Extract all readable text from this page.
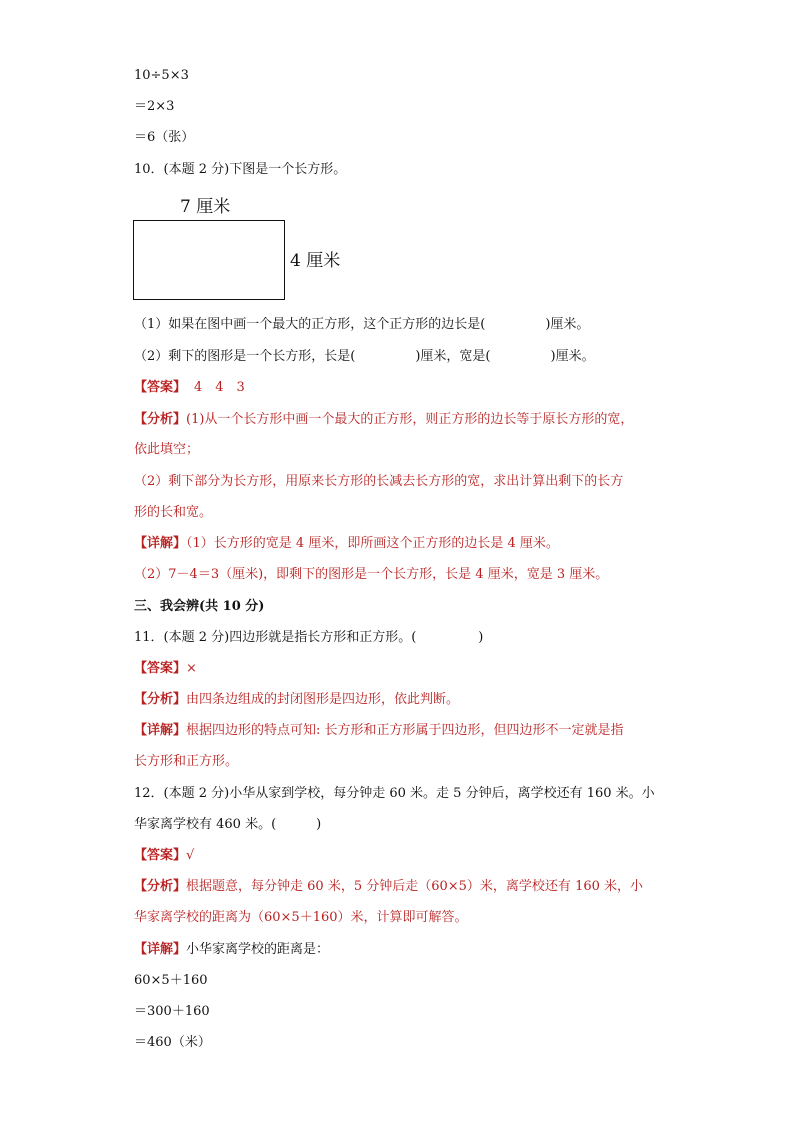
10÷5×3
＝2×3
＝6（张）
10．(本题 2 分)下图是一个长方形。
7 厘米
4 厘米
（1）如果在图中画一个最大的正方形，这个正方形的边长是(	)厘米。
（2）剩下的图形是一个长方形，长是(	)厘米，宽是(	)厘米。
【答案】 4　4　3
【分析】(1)从一个长方形中画一个最大的正方形，则正方形的边长等于原长方形的宽，
依此填空；
（2）剩下部分为长方形，用原来长方形的长减去长方形的宽，求出计算出剩下的长方
形的长和宽。
【详解】（1）长方形的宽是 4 厘米，即所画这个正方形的边长是 4 厘米。
（2）7－4＝3（厘米)，即剩下的图形是一个长方形，长是 4 厘米，宽是 3 厘米。
三、我会辨(共 10 分)
11．(本题 2 分)四边形就是指长方形和正方形。(	)
【答案】×
【分析】由四条边组成的封闭图形是四边形，依此判断。
【详解】根据四边形的特点可知: 长方形和正方形属于四边形，但四边形不一定就是指
长方形和正方形。
12．(本题 2 分)小华从家到学校，每分钟走 60 米。走 5 分钟后，离学校还有 160 米。小
华家离学校有 460 米。(	)
【答案】√
【分析】根据题意，每分钟走 60 米，5 分钟后走（60×5）米，离学校还有 160 米，小
华家离学校的距离为（60×5＋160）米，计算即可解答。
【详解】小华家离学校的距离是：
60×5＋160
＝300＋160
＝460（米）
